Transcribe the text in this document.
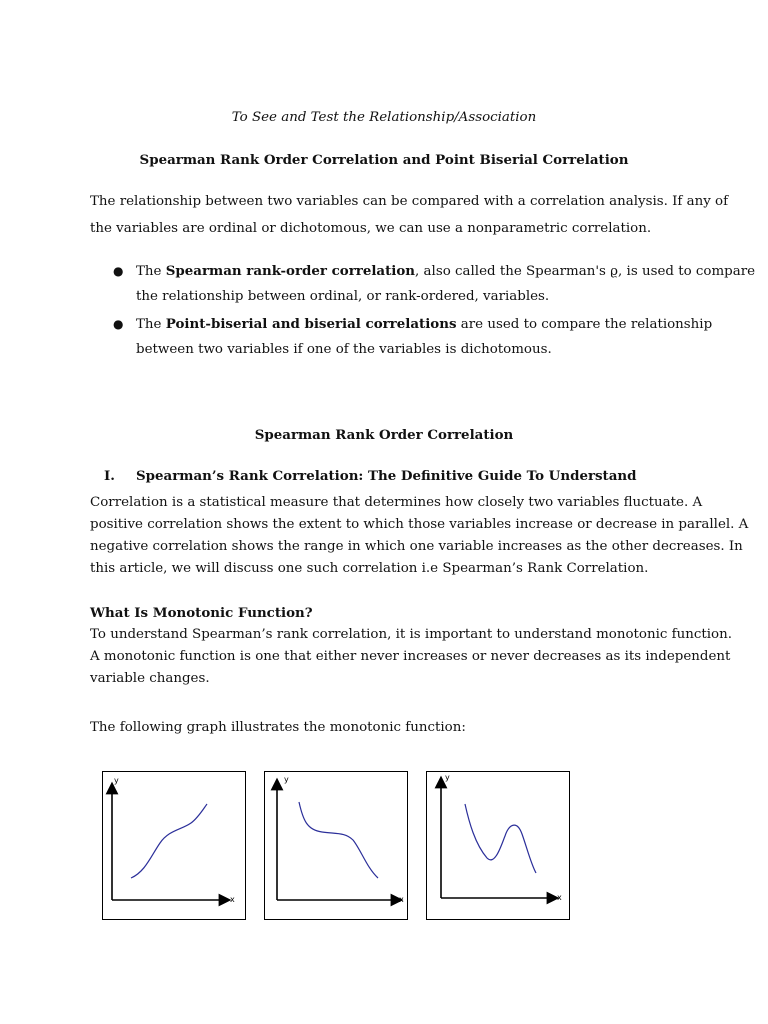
To See and Test the Relationship/Association
Spearman Rank Order Correlation and Point Biserial Correlation
The relationship between two variables can be compared with a correlation analysis. If any of
the variables are ordinal or dichotomous, we can use a nonparametric correlation.
● The Spearman rank-order correlation, also called the Spearman's ϱ, is used to compare
the relationship between ordinal, or rank-ordered, variables.
● The Point-biserial and biserial correlations are used to compare the relationship
between two variables if one of the variables is dichotomous.
Spearman Rank Order Correlation
I. Spearman’s Rank Correlation: The Definitive Guide To Understand
Correlation is a statistical measure that determines how closely two variables fluctuate. A
positive correlation shows the extent to which those variables increase or decrease in parallel. A
negative correlation shows the range in which one variable increases as the other decreases. In
this article, we will discuss one such correlation i.e Spearman’s Rank Correlation.
What Is Monotonic Function?
To understand Spearman’s rank correlation, it is important to understand monotonic function.
A monotonic function is one that either never increases or never decreases as its independent
variable changes.
The following graph illustrates the monotonic function:
y
x
y
x
y
x
